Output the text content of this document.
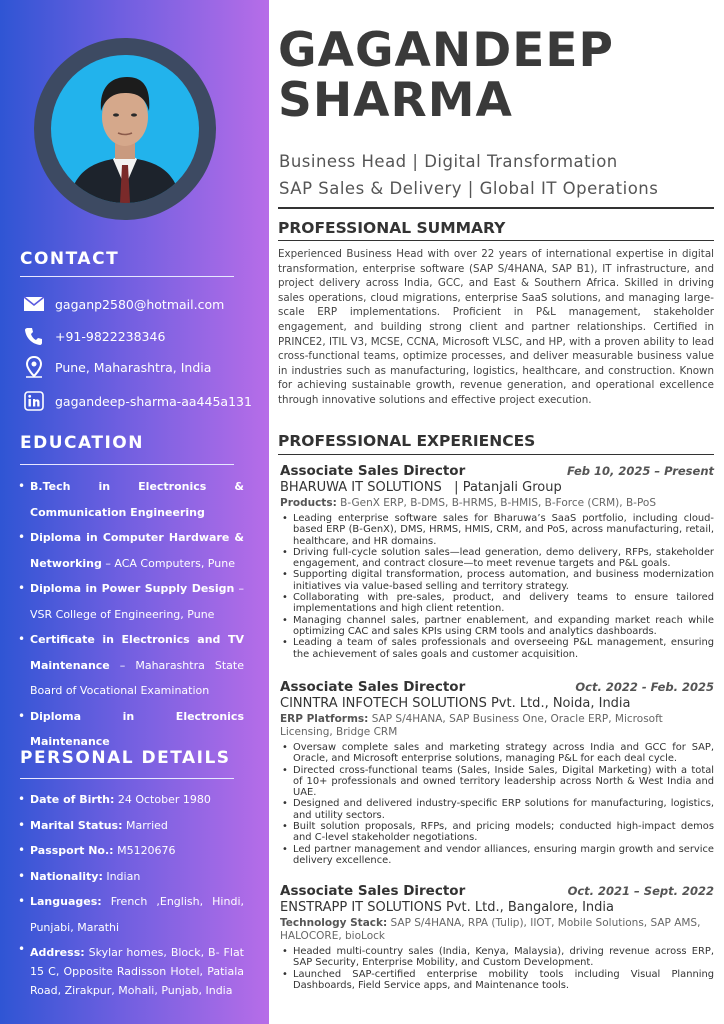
CONTACT
gaganp2580@hotmail.com
+91-9822238346
Pune, Maharashtra, India
gagandeep-sharma-aa445a131
EDUCATION
• B.Tech in Electronics & Communication Engineering
• Diploma in Computer Hardware & Networking – ACA Computers, Pune
• Diploma in Power Supply Design – VSR College of Engineering, Pune
• Certificate in Electronics and TV Maintenance – Maharashtra State Board of Vocational Examination
• Diploma in Electronics Maintenance
PERSONAL DETAILS
• Date of Birth: 24 October 1980
• Marital Status: Married
• Passport No.: M5120676
• Nationality: Indian
• Languages: French ,English, Hindi, Punjabi, Marathi
• Address: Skylar homes, Block, B- Flat 15 C, Opposite Radisson Hotel, Patiala Road, Zirakpur, Mohali, Punjab, India
GAGANDEEP
SHARMA
Business Head | Digital Transformation
SAP Sales & Delivery | Global IT Operations
PROFESSIONAL SUMMARY
Experienced Business Head with over 22 years of international expertise in digital transformation, enterprise software (SAP S/4HANA, SAP B1), IT infrastructure, and project delivery across India, GCC, and East & Southern Africa. Skilled in driving sales operations, cloud migrations, enterprise SaaS solutions, and managing large-scale ERP implementations. Proficient in P&L management, stakeholder engagement, and building strong client and partner relationships. Certified in PRINCE2, ITIL V3, MCSE, CCNA, Microsoft VLSC, and HP, with a proven ability to lead cross-functional teams, optimize processes, and deliver measurable business value in industries such as manufacturing, logistics, healthcare, and construction. Known for achieving sustainable growth, revenue generation, and operational excellence through innovative solutions and effective project execution.
PROFESSIONAL EXPERIENCES
Associate Sales Director	Feb 10, 2025 – Present
BHARUWA IT SOLUTIONS   | Patanjali Group
Products: B-GenX ERP, B-DMS, B-HRMS, B-HMIS, B-Force (CRM), B-PoS
• Leading enterprise software sales for Bharuwa’s SaaS portfolio, including cloud-based ERP (B-GenX), DMS, HRMS, HMIS, CRM, and PoS, across manufacturing, retail, healthcare, and HR domains.
• Driving full-cycle solution sales—lead generation, demo delivery, RFPs, stakeholder engagement, and contract closure—to meet revenue targets and P&L goals.
• Supporting digital transformation, process automation, and business modernization initiatives via value-based selling and territory strategy.
• Collaborating with pre-sales, product, and delivery teams to ensure tailored implementations and high client retention.
• Managing channel sales, partner enablement, and expanding market reach while optimizing CAC and sales KPIs using CRM tools and analytics dashboards.
• Leading a team of sales professionals and overseeing P&L management, ensuring the achievement of sales goals and customer acquisition.
Associate Sales Director	Oct. 2022 - Feb. 2025
CINNTRA INFOTECH SOLUTIONS Pvt. Ltd., Noida, India
ERP Platforms: SAP S/4HANA, SAP Business One, Oracle ERP, Microsoft Licensing, Bridge CRM
• Oversaw complete sales and marketing strategy across India and GCC for SAP, Oracle, and Microsoft enterprise solutions, managing P&L for each deal cycle.
• Directed cross-functional teams (Sales, Inside Sales, Digital Marketing) with a total of 10+ professionals and owned territory leadership across North & West India and UAE.
• Designed and delivered industry-specific ERP solutions for manufacturing, logistics, and utility sectors.
• Built solution proposals, RFPs, and pricing models; conducted high-impact demos and C-level stakeholder negotiations.
• Led partner management and vendor alliances, ensuring margin growth and service delivery excellence.
Associate Sales Director	Oct. 2021 – Sept. 2022
ENSTRAPP IT SOLUTIONS Pvt. Ltd., Bangalore, India
Technology Stack: SAP S/4HANA, RPA (Tulip), IIOT, Mobile Solutions, SAP AMS, HALOCORE, bioLock
• Headed multi-country sales (India, Kenya, Malaysia), driving revenue across ERP, SAP Security, Enterprise Mobility, and Custom Development.
• Launched SAP-certified enterprise mobility tools including Visual Planning Dashboards, Field Service apps, and Maintenance tools.
